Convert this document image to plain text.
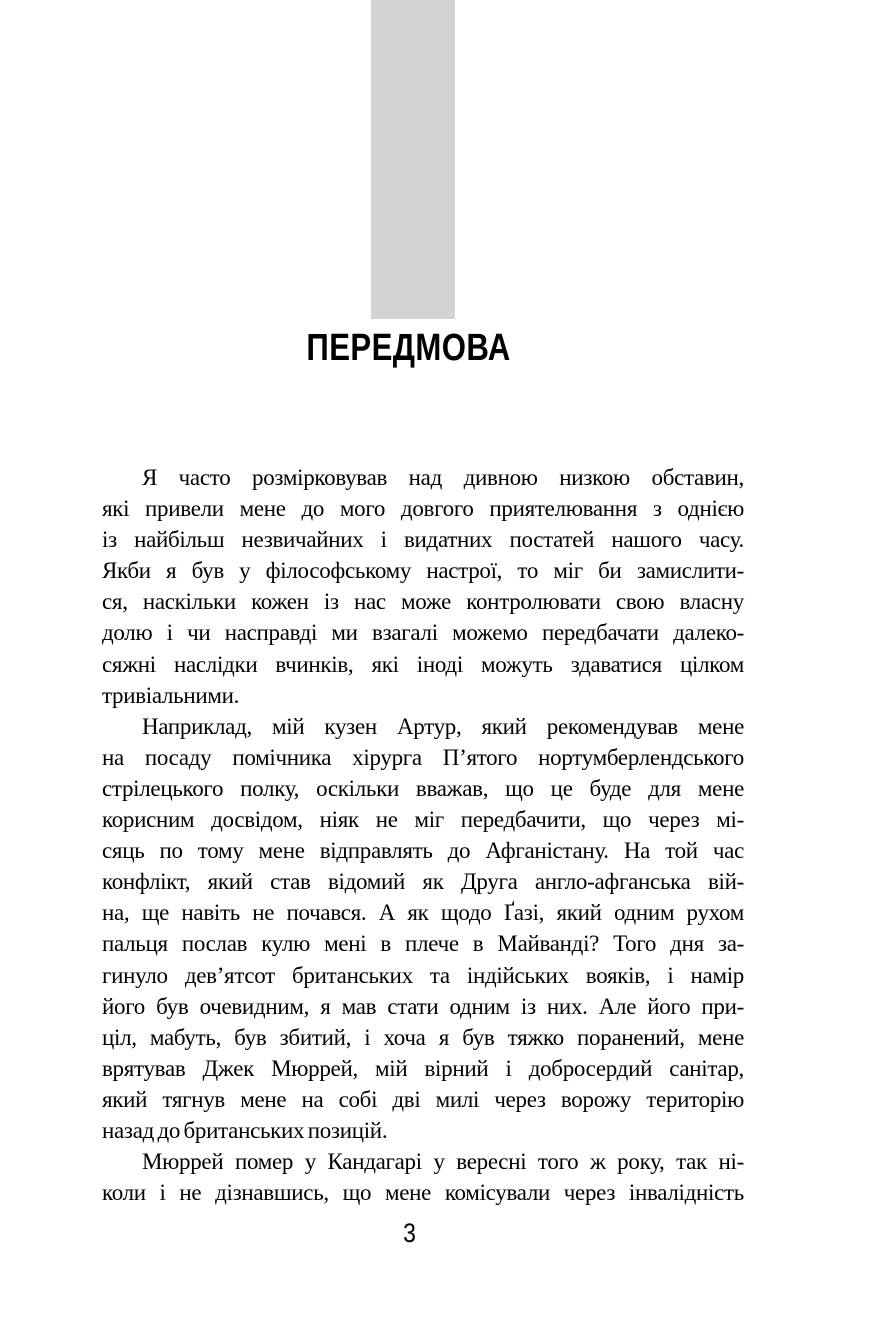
ПЕРЕДМОВА
Я часто розмірковував над дивною низкою обставин,
які привели мене до мого довгого приятелювання з однією
із найбільш незвичайних і видатних постатей нашого часу.
Якби я був у філософському настрої, то міг би замислити-
ся, наскільки кожен із нас може контролювати свою власну
долю і чи насправді ми взагалі можемо передбачати далеко-
сяжні наслідки вчинків, які іноді можуть здаватися цілком
тривіальними.
Наприклад, мій кузен Артур, який рекомендував мене
на посаду помічника хірурга П’ятого нортумберлендського
стрілецького полку, оскільки вважав, що це буде для мене
корисним досвідом, ніяк не міг передбачити, що через мі-
сяць по тому мене відправлять до Афганістану. На той час
конфлікт, який став відомий як Друга англо-афганська вій-
на, ще навіть не почався. А як щодо Ґазі, який одним рухом
пальця послав кулю мені в плече в Майванді? Того дня за-
гинуло дев’ятсот британських та індійських вояків, і намір
його був очевидним, я мав стати одним із них. Але його при-
ціл, мабуть, був збитий, і хоча я був тяжко поранений, мене
врятував Джек Мюррей, мій вірний і добросердий санітар,
який тягнув мене на собі дві милі через ворожу територію
назад до британських позицій.
Мюррей помер у Кандагарі у вересні того ж року, так ні-
коли і не дізнавшись, що мене комісували через інвалідність
3
